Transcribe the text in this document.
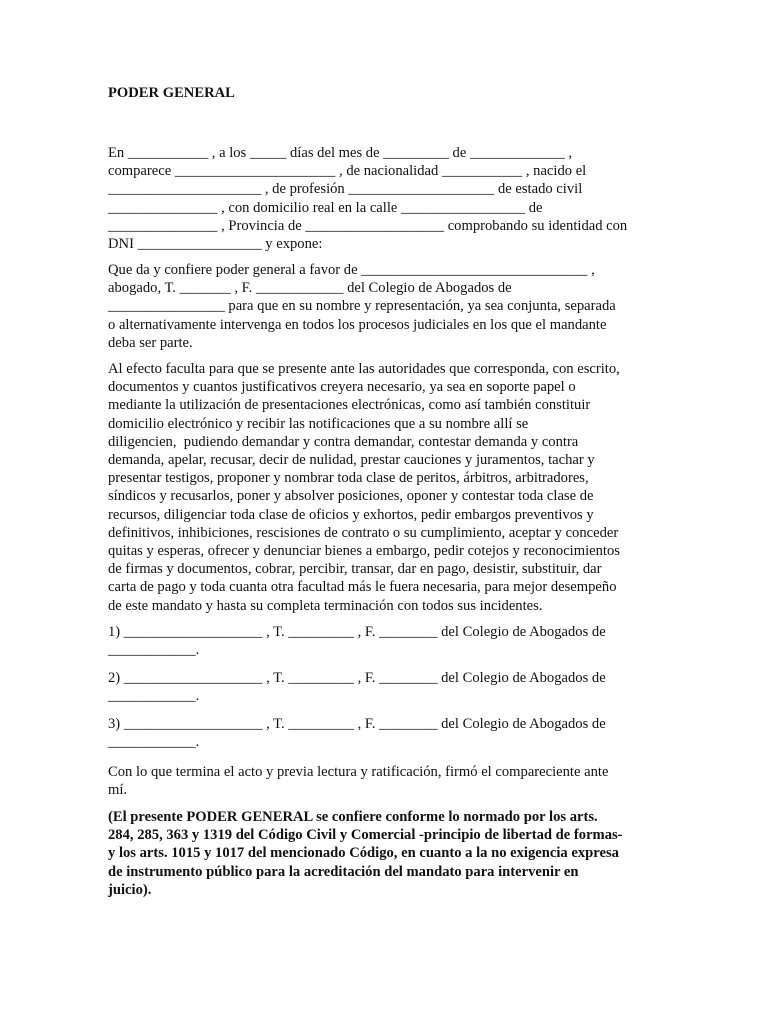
PODER GENERAL
En ___________ , a los _____ días del mes de _________ de _____________ ,
comparece ______________________ , de nacionalidad ___________ , nacido el
_____________________ , de profesión ____________________ de estado civil
_______________ , con domicilio real en la calle _________________ de
_______________ , Provincia de ___________________ comprobando su identidad con
DNI _________________ y expone:
Que da y confiere poder general a favor de _______________________________ ,
abogado, T. _______ , F. ____________ del Colegio de Abogados de
________________ para que en su nombre y representación, ya sea conjunta, separada
o alternativamente intervenga en todos los procesos judiciales en los que el mandante
deba ser parte.
Al efecto faculta para que se presente ante las autoridades que corresponda, con escrito,
documentos y cuantos justificativos creyera necesario, ya sea en soporte papel o
mediante la utilización de presentaciones electrónicas, como así también constituir
domicilio electrónico y recibir las notificaciones que a su nombre allí se
diligencien,  pudiendo demandar y contra demandar, contestar demanda y contra
demanda, apelar, recusar, decir de nulidad, prestar cauciones y juramentos, tachar y
presentar testigos, proponer y nombrar toda clase de peritos, árbitros, arbitradores,
síndicos y recusarlos, poner y absolver posiciones, oponer y contestar toda clase de
recursos, diligenciar toda clase de oficios y exhortos, pedir embargos preventivos y
definitivos, inhibiciones, rescisiones de contrato o su cumplimiento, aceptar y conceder
quitas y esperas, ofrecer y denunciar bienes a embargo, pedir cotejos y reconocimientos
de firmas y documentos, cobrar, percibir, transar, dar en pago, desistir, substituir, dar
carta de pago y toda cuanta otra facultad más le fuera necesaria, para mejor desempeño
de este mandato y hasta su completa terminación con todos sus incidentes.
1) ___________________ , T. _________ , F. ________ del Colegio de Abogados de
____________.
2) ___________________ , T. _________ , F. ________ del Colegio de Abogados de
____________.
3) ___________________ , T. _________ , F. ________ del Colegio de Abogados de
____________.
Con lo que termina el acto y previa lectura y ratificación, firmó el compareciente ante
mí.
(El presente PODER GENERAL se confiere conforme lo normado por los arts.
284, 285, 363 y 1319 del Código Civil y Comercial -principio de libertad de formas-
y los arts. 1015 y 1017 del mencionado Código, en cuanto a la no exigencia expresa
de instrumento público para la acreditación del mandato para intervenir en
juicio).
